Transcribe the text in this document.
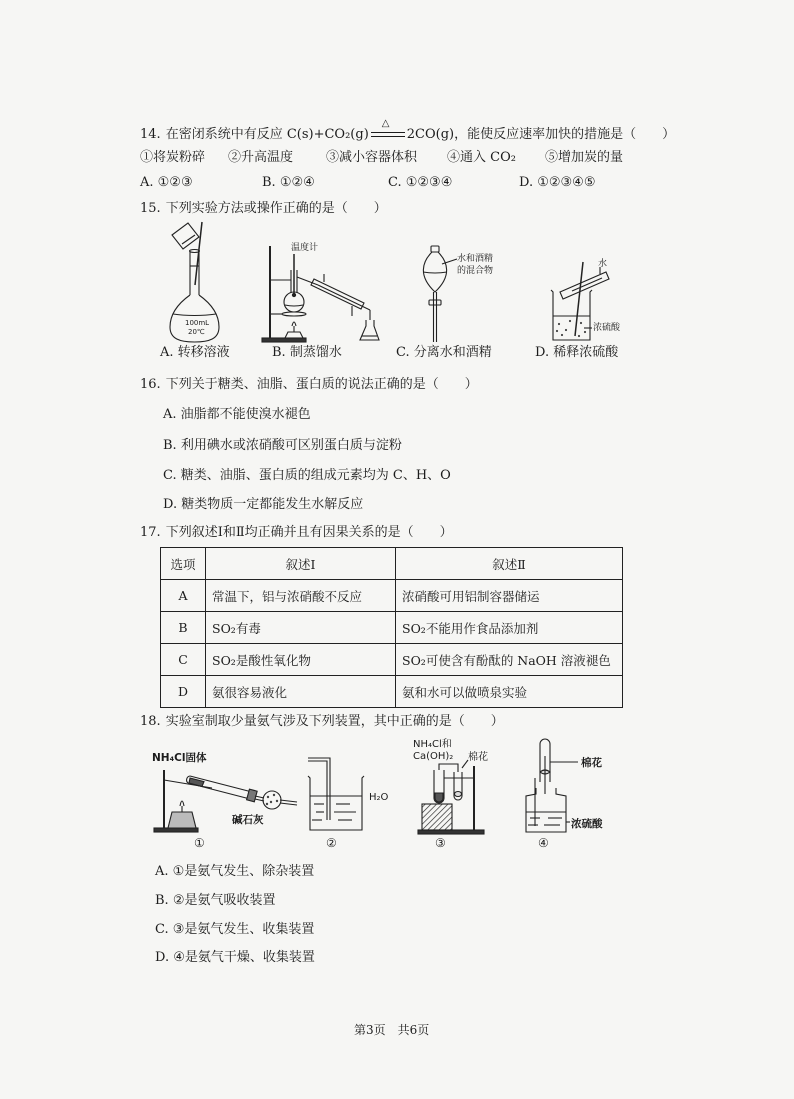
14. 在密闭系统中有反应 C(s)+CO₂(g)
△
2CO(g)，能使反应速率加快的措施是（　　）
①将炭粉碎 ②升高温度	③减小容器体积 ④通入 CO₂ ⑤增加炭的量
A. ①②③	B. ①②④	C. ①②③④	D. ①②③④⑤
15. 下列实验方法或操作正确的是（　　）
100mL
20℃
A. 转移溶液
温度计
B. 制蒸馏水
水和酒精
的混合物
C. 分离水和酒精
水
浓硫酸
D. 稀释浓硫酸
16. 下列关于糖类、油脂、蛋白质的说法正确的是（　　）
A. 油脂都不能使溴水褪色
B. 利用碘水或浓硝酸可区别蛋白质与淀粉
C. 糖类、油脂、蛋白质的组成元素均为 C、H、O
D. 糖类物质一定都能发生水解反应
17. 下列叙述Ⅰ和Ⅱ均正确并且有因果关系的是（　　）
选项	叙述Ⅰ	叙述Ⅱ
A	常温下，铝与浓硝酸不反应	浓硝酸可用铝制容器储运
B	SO₂有毒	SO₂不能用作食品添加剂
C	SO₂是酸性氧化物	SO₂可使含有酚酞的 NaOH 溶液褪色
D	氨很容易液化	氨和水可以做喷泉实验
18. 实验室制取少量氨气涉及下列装置，其中正确的是（　　）
NH₄Cl固体
碱石灰
①
H₂O
②
NH₄Cl和
Ca(OH)₂ 棉花
③
棉花
浓硫酸
④
A. ①是氨气发生、除杂装置
B. ②是氨气吸收装置
C. ③是氨气发生、收集装置
D. ④是氨气干燥、收集装置
第3页　共6页
